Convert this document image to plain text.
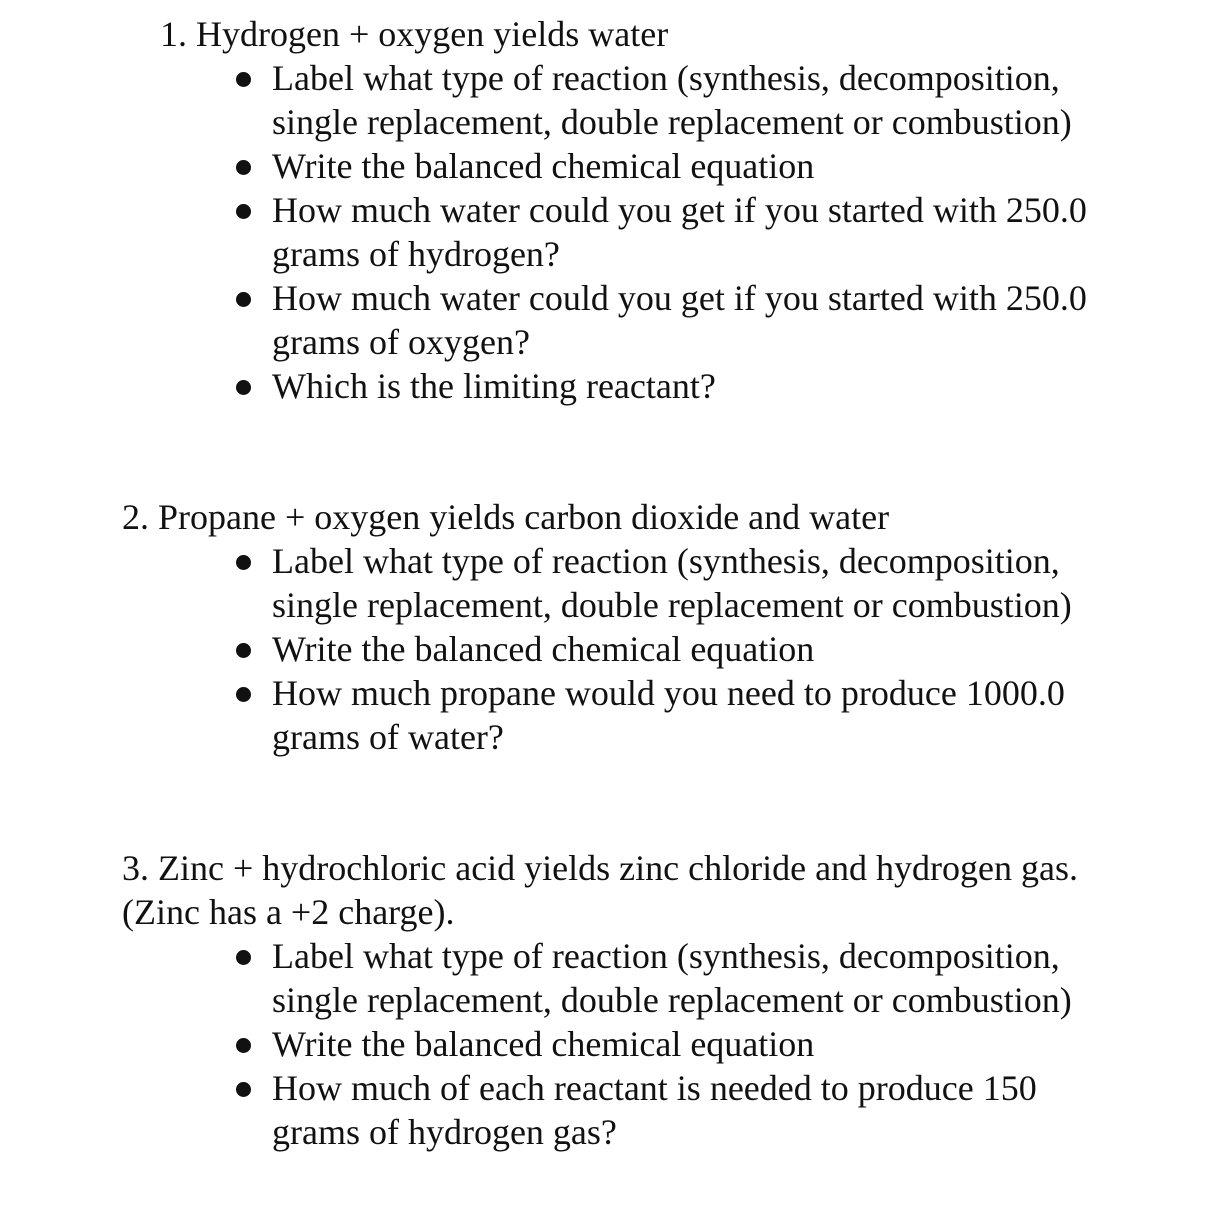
1. Hydrogen + oxygen yields water
Label what type of reaction (synthesis, decomposition, single replacement, double replacement or combustion)
Write the balanced chemical equation
How much water could you get if you started with 250.0 grams of hydrogen?
How much water could you get if you started with 250.0 grams of oxygen?
Which is the limiting reactant?
2. Propane + oxygen yields carbon dioxide and water
Label what type of reaction (synthesis, decomposition, single replacement, double replacement or combustion)
Write the balanced chemical equation
How much propane would you need to produce 1000.0 grams of water?
3. Zinc + hydrochloric acid yields zinc chloride and hydrogen gas. (Zinc has a +2 charge).
Label what type of reaction (synthesis, decomposition, single replacement, double replacement or combustion)
Write the balanced chemical equation
How much of each reactant is needed to produce 150 grams of hydrogen gas?
